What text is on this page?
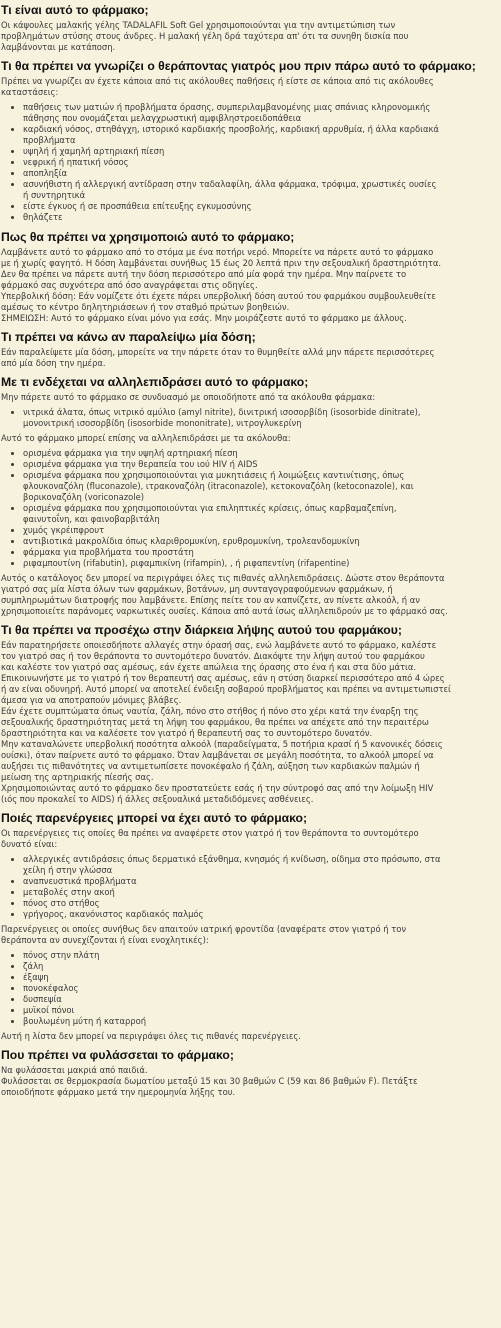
Τι είναι αυτό το φάρμακο;

Οι κάψουλες μαλακής γέλης TADALAFIL Soft Gel χρησιμοποιούνται για την αντιμετώπιση των
προβλημάτων στύσης στους άνδρες. Η μαλακή γέλη δρά ταχύτερα απ' ότι τα συνηθη δισκία που
λαμβάνονται με κατάποση.

Τι θα πρέπει να γνωρίζει ο θεράποντας γιατρός μου πριν πάρω αυτό το φάρμακο;

Πρέπει να γνωρίζει αν έχετε κάποια από τις ακόλουθες παθήσεις ή είστε σε κάποια από τις ακόλουθες
καταστάσεις:

• παθήσεις των ματιών ή προβλήματα όρασης, συμπεριλαμβανομένης μιας σπάνιας κληρονομικής
πάθησης που ονομάζεται μελαγχρωστική αμφιβληστροειδοπάθεια
• καρδιακή νόσος, στηθάγχη, ιστορικό καρδιακής προσβολής, καρδιακή αρρυθμία, ή άλλα καρδιακά
προβλήματα
• υψηλή ή χαμηλή αρτηριακή πίεση
• νεφρική ή ηπατική νόσος
• αποπληξία
• ασυνήθιστη ή αλλεργική αντίδραση στην ταδαλαφίλη, άλλα φάρμακα, τρόφιμα, χρωστικές ουσίες
ή συντηρητικά
• είστε έγκυος ή σε προσπάθεια επίτευξης εγκυμοσύνης
• θηλάζετε
Πως θα πρέπει να χρησιμοποιώ αυτό το φάρμακο;

Λαμβάνετε αυτό το φάρμακο από το στόμα με ένα ποτήρι νερό. Μπορείτε να πάρετε αυτό το φάρμακο
με ή χωρίς φαγητό. Η δόση λαμβάνεται συνήθως 15 έως 20 λεπτά πριν την σεξουαλική δραστηριότητα.
Δεν θα πρέπει να πάρετε αυτή την δόση περισσότερο από μία φορά την ημέρα. Μην παίρνετε το
φάρμακό σας συχνότερα από όσο αναγράφεται στις οδηγίες.
Υπερβολική δόση: Εάν νομίζετε ότι έχετε πάρει υπερβολική δόση αυτού του φαρμάκου συμβουλευθείτε
αμέσως το κέντρο δηλητηριάσεων ή τον σταθμό πρώτων βοηθειών.
ΣΗΜΕΙΩΣΗ: Αυτό το φάρμακο είναι μόνο για εσάς. Μην μοιράζεστε αυτό το φάρμακο με άλλους.

Τι πρέπει να κάνω αν παραλείψω μία δόση;

Εάν παραλείψετε μία δόση, μπορείτε να την πάρετε όταν το θυμηθείτε αλλά μην πάρετε περισσότερες
από μία δόση την ημέρα.

Με τι ενδέχεται να αλληλεπιδράσει αυτό το φάρμακο;

Μην πάρετε αυτό το φάρμακο σε συνδυασμό με οποιοδήποτε από τα ακόλουθα φάρμακα:

• νιτρικά άλατα, όπως νιτρικό αμύλιο (amyl nitrite), δινιτρική ισοσορβίδη (isosorbide dinitrate),
μονονιτρική ισοσορβίδη (isosorbide mononitrate), νιτρογλυκερίνη

Αυτό το φάρμακο μπορεί επίσης να αλληλεπιδράσει με τα ακόλουθα:

• ορισμένα φάρμακα για την υψηλή αρτηριακή πίεση
• ορισμένα φάρμακα για την θεραπεία του ιού HIV ή AIDS
• ορισμένα φάρμακα που χρησιμοποιούνται για μυκητιάσεις ή λοιμώξεις καντινίτισης, όπως
φλουκοναζόλη (fluconazole), ιτρακοναζόλη (itraconazole), κετοκοναζόλη (ketoconazole), και
βορικοναζόλη (voriconazole)
• ορισμένα φάρμακα που χρησιμοποιούνται για επιληπτικές κρίσεις, όπως καρβαμαζεπίνη,
φαινυτοΐνη, και φαινοβαρβιτάλη
• χυμός γκρέιπφρουτ
• αντιβιοτικά μακρολίδια όπως κλαριθρομυκίνη, ερυθρομυκίνη, τρολεανδομυκίνη
• φάρμακα για προβλήματα του προστάτη
• ριφαμπουτίνη (rifabutin), ριφαμπικίνη (rifampin), , ή ριφαπεντίνη (rifapentine)

Αυτός ο κατάλογος δεν μπορεί να περιγράψει όλες τις πιθανές αλληλεπιδράσεις. Δώστε στον θεράποντα
γιατρό σας μία λίστα όλων των φαρμάκων, βοτάνων, μη συνταγογραφούμενων φαρμάκων, ή
συμπληρωμάτων διατροφής που λαμβάνετε. Επίσης πείτε του αν καπνίζετε, αν πίνετε αλκοόλ, ή αν
χρησιμοποιείτε παράνομες ναρκωτικές ουσίες. Κάποια από αυτά ίσως αλληλεπιδρούν με το φάρμακό σας.

Τι θα πρέπει να προσέχω στην διάρκεια λήψης αυτού του φαρμάκου;

Εάν παρατηρήσετε οποιεσδήποτε αλλαγές στην όρασή σας, ενώ λαμβάνετε αυτό το φάρμακο, καλέστε
τον γιατρό σας ή τον θεράποντα το συντομότερο δυνατόν. Διακόψτε την λήψη αυτού του φαρμάκου
και καλέστε τον γιατρό σας αμέσως, εάν έχετε απώλεια της όρασης στο ένα ή και στα δύο μάτια.
Επικοινωνήστε με το γιατρό ή τον θεραπευτή σας αμέσως, εάν η στύση διαρκεί περισσότερο από 4 ώρες
ή αν είναι οδυνηρή. Αυτό μπορεί να αποτελεί ένδειξη σοβαρού προβλήματος και πρέπει να αντιμετωπιστεί
άμεσα για να αποτραπούν μόνιμες βλάβες.
Εάν έχετε συμπτώματα όπως ναυτία, ζάλη, πόνο στο στήθος ή πόνο στο χέρι κατά την έναρξη της
σεξουαλικής δραστηριότητας μετά τη λήψη του φαρμάκου, θα πρέπει να απέχετε από την περαιτέρω
δραστηριότητα και να καλέσετε τον γιατρό ή θεραπευτή σας το συντομότερο δυνατόν.
Μην καταναλώνετε υπερβολική ποσότητα αλκοόλ (παραδείγματα, 5 ποτήρια κρασί ή 5 κανονικές δόσεις
ουίσκι), όταν παίρνετε αυτό το φάρμακο. Όταν λαμβάνεται σε μεγάλη ποσότητα, το αλκοόλ μπορεί να
αυξήσει τις πιθανότητες να αντιμετωπίσετε πονοκέφαλο ή ζάλη, αύξηση των καρδιακών παλμών ή
μείωση της αρτηριακής πίεσής σας.
Χρησιμοποιώντας αυτό το φάρμακο δεν προστατεύετε εσάς ή την σύντροφό σας από την λοίμωξη HIV
(ιός που προκαλεί το AIDS) ή άλλες σεξουαλικά μεταδιδόμενες ασθένειες.

Ποιές παρενέργειες μπορεί να έχει αυτό το φάρμακο;

Οι παρενέργειες τις οποίες θα πρέπει να αναφέρετε στον γιατρό ή τον θεράποντα το συντομότερο
δυνατό είναι:

• αλλεργικές αντιδράσεις όπως δερματικό εξάνθημα, κνησμός ή κνίδωση, οίδημα στο πρόσωπο, στα
χείλη ή στην γλώσσα
• αναπνευστικά προβλήματα
• μεταβολές στην ακοή
• πόνος στο στήθος
• γρήγορος, ακανόνιστος καρδιακός παλμός

Παρενέργειες οι οποίες συνήθως δεν απαιτούν ιατρική φροντίδα (αναφέρατε στον γιατρό ή τον
θεράποντα αν συνεχίζονται ή είναι ενοχλητικές):

• πόνος στην πλάτη
• ζάλη
• έξαψη
• πονοκέφαλος
• δυσπεψία
• μυϊκοί πόνοι
• βουλωμένη μύτη ή καταρροή

Αυτή η λίστα δεν μπορεί να περιγράψει όλες τις πιθανές παρενέργειες.

Που πρέπει να φυλάσσεται το φάρμακο;

Να φυλάσσεται μακριά από παιδιά.
Φυλάσσεται σε θερμοκρασία δωματίου μεταξύ 15 και 30 βαθμών C (59 και 86 βαθμών F). Πετάξτε
οποιοδήποτε φάρμακο μετά την ημερομηνία λήξης του.
